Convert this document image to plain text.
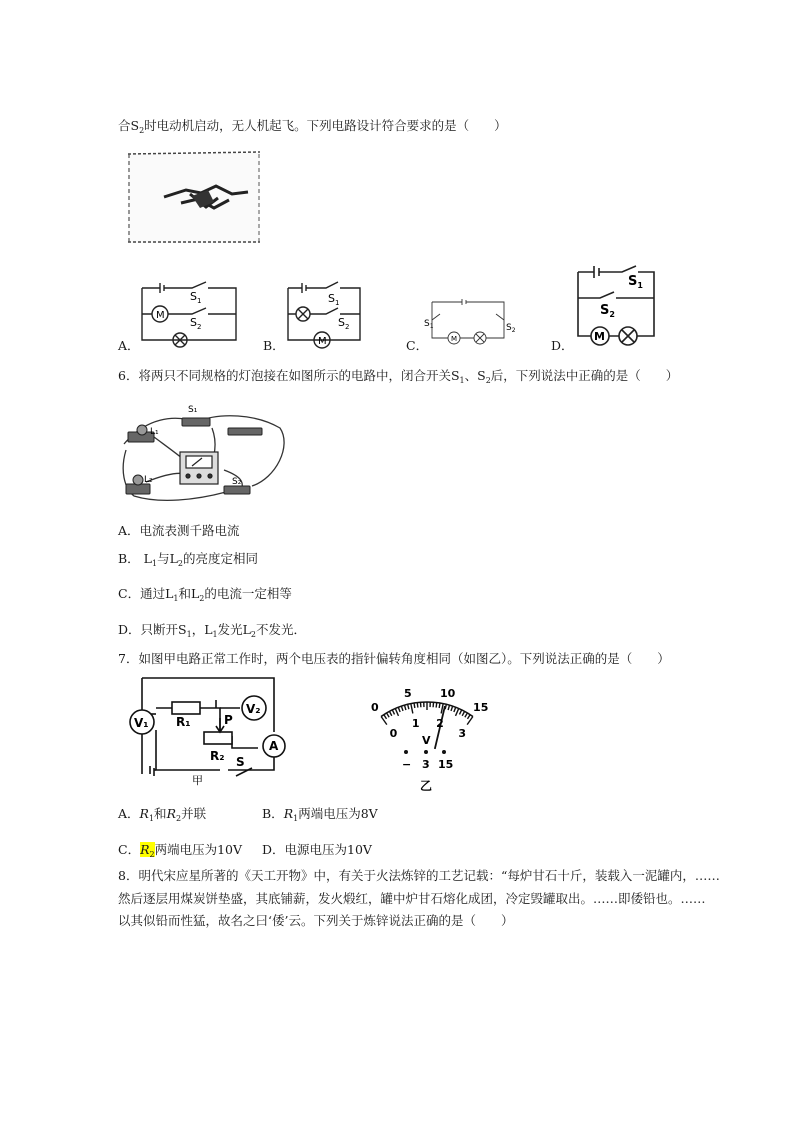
合$S_2$时电动机启动，无人机起飞。下列电路设计符合要求的是（　　）
M
$S_1$
$S_2$
M
$S_1$
$S_2$
M
$S_1$	$S_2$	M
$S_1$
$S_2$
A．	B．	C．	D．
6．将两只不同规格的灯泡接在如图所示的电路中，闭合开关$S_1$、$S_2$后，下列说法中正确的是（　　）
S₁
L₁
L₂	S₂
A．电流表测千路电流
B． $L_1$与$L_2$的亮度定相同
C．通过$L_1$和$L_2$的电流一定相等
D．只断开$S_1$，$L_1$发光$L_2$不发光．
7．如图甲电路正常工作时，两个电压表的指针偏转角度相同（如图乙）。下列说法正确的是（　　）
V₁
V₂
R₁	P
R₂
A
S
甲
0
5	10
15
0
1 2
3
V
− 3 15
乙
A．$R_1$和$R_2$并联	B．$R_1$两端电压为8V
C．$R_2$两端电压为10V D．电源电压为10V
8．明代宋应星所著的《天工开物》中，有关于火法炼锌的工艺记载：“每炉甘石十斤，装载入一泥罐内，……
然后逐层用煤炭饼垫盛，其底铺薪，发火煅红，罐中炉甘石熔化成团，冷定毁罐取出。……即倭铅也。……
以其似铅而性猛，故名之曰‘倭’云。下列关于炼锌说法正确的是（　　）
